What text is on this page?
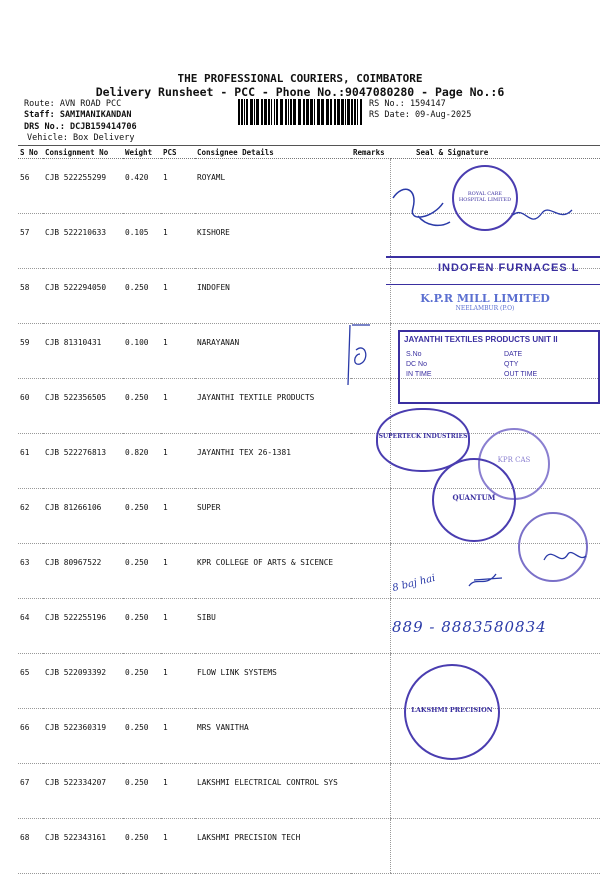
THE PROFESSIONAL COURIERS, COIMBATORE
Delivery Runsheet - PCC - Phone No.:9047080280 - Page No.:6
Route: AVN ROAD PCC
Staff: SAMIMANIKANDAN
DRS No.: DCJB159414706
Vehicle: Box Delivery
RS No.: 1594147
RS Date: 09-Aug-2025
S No	Consignment No	Weight	PCS	Consignee Details	Remarks	Seal & Signature
56	CJB 522255299	0.420	1	ROYAML		
57	CJB 522210633	0.105	1	KISHORE		
58	CJB 522294050	0.250	1	INDOFEN		
59	CJB 81310431	0.100	1	NARAYANAN		
60	CJB 522356505	0.250	1	JAYANTHI TEXTILE PRODUCTS		
61	CJB 522276813	0.820	1	JAYANTHI TEX 26-1381		
62	CJB 81266106	0.250	1	SUPER		
63	CJB 80967522	0.250	1	KPR COLLEGE OF ARTS & SICENCE		
64	CJB 522255196	0.250	1	SIBU		
65	CJB 522093392	0.250	1	FLOW LINK SYSTEMS		
66	CJB 522360319	0.250	1	MRS VANITHA		
67	CJB 522334207	0.250	1	LAKSHMI ELECTRICAL CONTROL SYS		
68	CJB 522343161	0.250	1	LAKSHMI PRECISION TECH		
ROYAL CARE HOSPITAL LIMITED
INDOFEN FURNACES L
K.P.R MILL LIMITED
NEELAMBUR (P.O)
JAYANTHI TEXTILES PRODUCTS UNIT II
S.No	DATE
DC No	QTY
IN TIME	OUT TIME
SUPERTECK INDUSTRIES
KPR CAS
QUANTUM
8 baj hai
889 - 8883580834
LAKSHMI PRECISION
